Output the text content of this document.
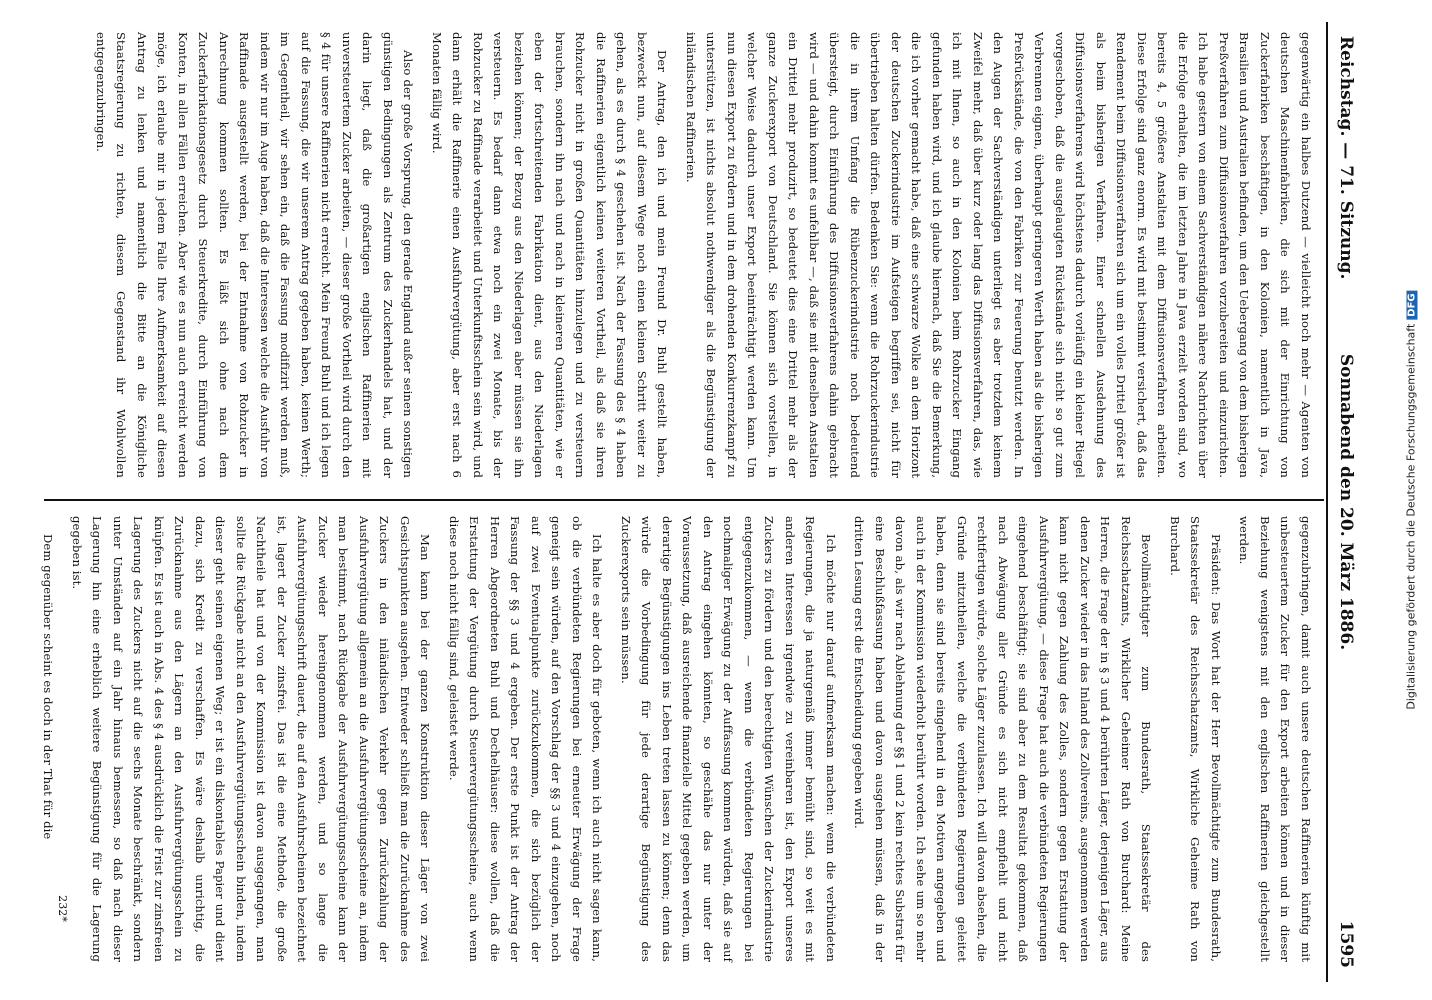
Reichstag. — 71. Sitzung.
Sonnabend den 20. März 1886.
1595

gegenwärtig ein halbes Dutzend — vielleicht noch mehr — Agenten von deutschen Maschinenfabriken, die sich mit der Einrichtung von Zuckerfabriken beschäftigen, in den Kolonien, namentlich in Java, Brasilien und Australien befinden, um den Uebergang von dem bisherigen Preßverfahren zum Diffusionsverfahren vorzubereiten und einzurichten. Ich habe gestern von einem Sachverständigen nähere Nachrichten über die Erfolge erhalten, die im letzten Jahre in Java erzielt worden sind, wo bereits 4, 5 größere Anstalten mit dem Diffusionsverfahren arbeiten. Diese Erfolge sind ganz enorm. Es wird mit bestimmt versichert, daß das Rendement beim Diffusionsverfahren sich um ein volles Drittel größer ist als beim bisherigen Verfahren. Einer schnellen Ausdehnung des Diffusionsverfahrens wird höchstens dadurch vorläufig ein kleiner Riegel vorgeschoben, daß die ausgelaugten Rückstände sich nicht so gut zum Verbrennen eignen, überhaupt geringeren Werth haben als die bisherigen Preßrückstände, die von den Fabriken zur Feuerung benutzt werden. In den Augen der Sachverständigen unterliegt es aber trotzdem keinem Zweifel mehr, daß über kurz oder lang das Diffusionsverfahren, das, wie ich mit Ihnen, so auch in den Kolonien beim Rohrzucker Eingang gefunden haben wird, und ich glaube hiernach, daß Sie die Bemerkung, die ich vorher gemacht habe, daß eine schwarze Wolke an dem Horizont der deutschen Zuckerindustrie im Aufsteigen begriffen sei, nicht für übertrieben halten dürfen. Bedenken Sie: wenn die Rohrzuckerindustrie die in ihrem Umfang die Rübenzuckerindustrie noch bedeutend übersteigt, durch Einführung des Diffusionsverfahrens dahin gebracht wird — und dahin kommt es unfehlbar —, daß sie mit denselben Anstalten ein Drittel mehr produzirt, so bedeutet dies eine Drittel mehr als der ganze Zuckerexport von Deutschland. Sie können sich vorstellen, in welcher Weise dadurch unser Export beeinträchtigt werden kann. Um nun diesen Export zu fördern und in dem drohenden Konkurrenzkampf zu unterstützen, ist nichts absolut nothwendiger als die Begünstigung der inländischen Raffinerien.

Der Antrag, den ich und mein Freund Dr. Buhl gestellt haben, bezweckt nun, auf diesem Wege noch einen kleinen Schritt weiter zu gehen, als es durch § 4 geschehen ist. Nach der Fassung des § 4 haben die Raffinerien eigentlich keinen weiteren Vortheil, als daß sie ihren Rohzucker nicht in großen Quantitäten hinzulegen und zu versteuern brauchen, sondern ihn nach und nach in kleineren Quantitäten, wie er eben der fortschreitenden Fabrikation dient, aus den Niederlagen beziehen können; der Bezug aus den Niederlagen aber müssen sie ihn versteuern. Es bedarf dann etwa noch ein zwei Monate, bis der Rohzucker zu Raffinade verarbeitet und Unterkunftsschein sein wird, und dann erhält die Raffinerie einen Ausfuhrvergütung, aber erst nach 6 Monaten fällig wird.

Also der große Vorsprung, den gerade England außer seinen sonstigen günstigen Bedingungen als Zentrum des Zuckerhandels hat, und der darin liegt, daß die großartigen englischen Raffinerien mit unversteuertem Zucker arbeiten, — dieser große Vortheil wird durch den § 4 für unsere Raffinerien nicht erreicht. Mein Freund Buhl und ich legen auf die Fassung, die wir unserem Antrag gegeben haben, keinen Werth; im Gegentheil, wir sehen ein, daß die Fassung modifizirt werden muß, indem wir nur im Auge haben, daß die Interessen welche die Ausfuhr von Raffinade ausgestellt werden, bei der Entnahme von Rohzucker in Anrechnung kommen sollten. Es läßt sich ohne nach dem Zuckerfabrikationsgesetz durch Steuerkredite, durch Einführung von Konten, in allen Fällen erreichen. Aber wie es nun auch erreicht werden möge, ich erlaube mir in jedem Falle Ihre Aufmerksamkeit auf diesen Antrag zu lenken und namentlich die Bitte an die Königliche Staatsregierung zu richten, diesem Gegenstand ihr Wohlwollen entgegenzubringen.

gegenzubringen, damit auch unsere deutschen Raffinerien künftig mit unbesteuertem Zucker für den Export arbeiten können und in dieser Beziehung wenigstens mit den englischen Raffinerien gleichgestellt werden.

Präsident: Das Wort hat der Herr Bevollmächtigte zum Bundesrath, Staatssekretär des Reichsschatzamts, Wirkliche Geheime Rath von Burchard.

Bevollmächtigter zum Bundesrath, Staatssekretär des Reichsschatzamts, Wirklicher Geheimer Rath von Burchard: Meine Herren, die Frage der in § 3 und 4 berührten Läger, derjenigen Läger, aus denen Zucker wieder in das Inland des Zollvereins, ausgenommen werden kann nicht gegen Zahlung des Zolles, sondern gegen Erstattung der Ausfuhrvergütung, — diese Frage hat auch die verbündeten Regierungen eingehend beschäftigt; sie sind aber zu dem Resultat gekommen, daß nach Abwägung aller Gründe es sich nicht empfiehlt und nicht rechtfertigen würde, solche Läger zuzulassen. Ich will davon absehen, die Gründe mitzutheilen, welche die verbündeten Regierungen geleitet haben, denn sie sind bereits eingehend in den Motiven angegeben und auch in der Kommission wiederholt berührt worden. Ich sehe um so mehr davon ab, als wir nach Ablehnung der §§ 1 und 2 kein rechtes Substrat für eine Beschlußfassung haben und davon ausgehen müssen, daß in der dritten Lesung erst die Entscheidung gegeben wird.

Ich möchte nur darauf aufmerksam machen: wenn die verbündeten Regierungen, die ja naturgemäß immer bemüht sind, so weit es mit anderen Interessen irgendwie zu vereinbaren ist, den Export unseres Zuckers zu fördern und den berechtigten Wünschen der Zuckerindustrie entgegenzukommen, — wenn die verbündeten Regierungen bei nochmaliger Erwägung zu der Auffassung kommen würden, daß sie auf den Antrag eingehen könnten, so geschähe das nur unter der Voraussetzung, daß ausreichende finanzielle Mittel gegeben werden, um derartige Begünstigungen ins Leben treten lassen zu können; denn das würde die Vorbedingung für jede derartige Begünstigung des Zuckerexports sein müssen.

Ich halte es aber doch für geboten, wenn ich auch nicht sagen kann, ob die verbündeten Regierungen bei erneuter Erwägung der Frage geneigt sein würden, auf den Vorschlag der §§ 3 und 4 einzugehen, noch auf zwei Eventualpunkte zurückzukommen, die sich bezüglich der Fassung der §§ 3 und 4 ergeben. Der erste Punkt ist der Antrag der Herren Abgeordneten Buhl und Dechelhäuser: diese wollen, daß die Erstattung der Vergütung durch Steuervergütungsscheine, auch wenn diese noch nicht fällig sind, geleistet werde.

Man kann bei der ganzen Konstruktion dieser Läger von zwei Gesichtspunkten ausgehen. Entweder schließt man die Zurücknahme des Zuckers in den inländischen Verkehr gegen Zurückzahlung der Ausfuhrvergütung allgemein an die Ausfuhrvergütungsscheine an, indem man bestimmt, nach Rückgabe der Ausfuhrvergütungsscheine kann der Zucker wieder hereingenommen werden, und so lange die Ausfuhrvergütungsschrift dauert, die auf den Ausfuhrscheinen bezeichnet ist, lagert der Zucker zinsfrei. Das ist die eine Methode, die große Nachtheile hat und von der Kommission ist davon ausgegangen, man sollte die Rückgabe nicht an den Ausfuhrvergütungsschein binden, indem dieser geht seinen eigenen Weg; er ist ein diskontables Papier und dient dazu, sich Kredit zu verschaffen. Es wäre deshalb unrichtig, die Zurücknahme aus den Lägern an den Ausfuhrvergütungsschein zu knüpfen. Es ist auch in Abs. 4 des § 4 ausdrücklich die Frist zur zinsfreien Lagerung des Zuckers nicht auf die sechs Monate beschränkt, sondern unter Umständen auf ein Jahr hinaus bemessen, so daß nach dieser Lagerung hin eine erheblich weitere Begünstigung für die Lagerung gegeben ist.

Dem gegenüber scheint es doch in der That für die

232*
Digitalisierung gefördert durch die Deutsche ForschungsgemeinschaftDFG
